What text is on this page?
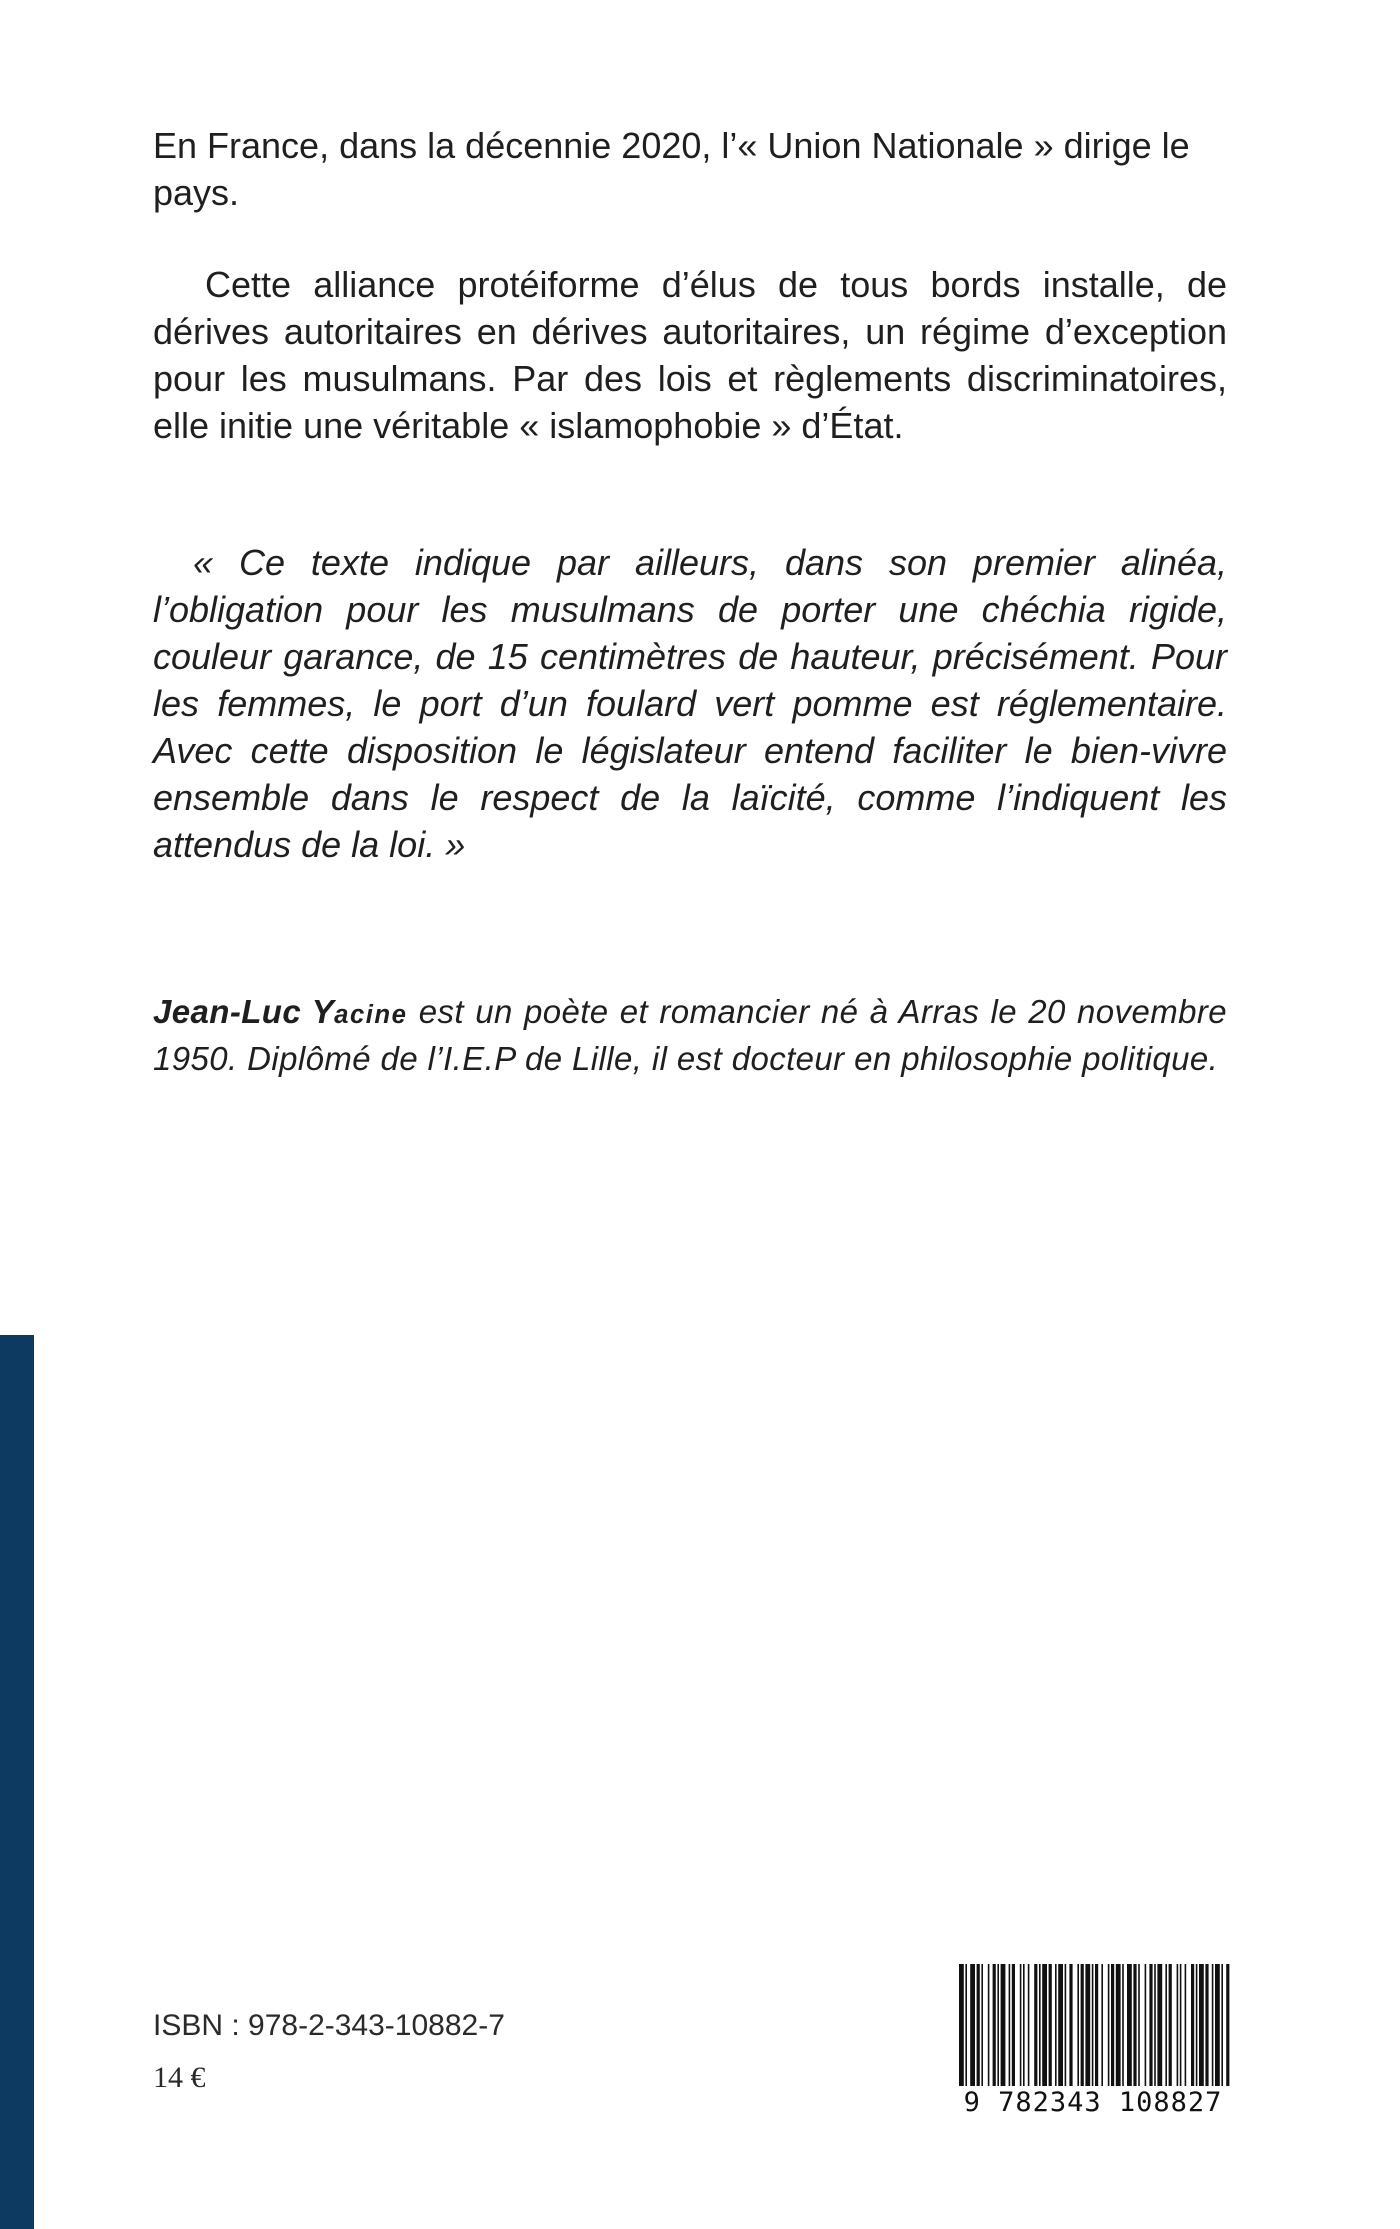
En France, dans la décennie 2020, l’« Union Nationale » dirige le pays.

Cette alliance protéiforme d’élus de tous bords installe, de dérives autoritaires en dérives autoritaires, un régime d’exception pour les musulmans. Par des lois et règlements discriminatoires, elle initie une véritable « islamophobie » d’État.

« Ce texte indique par ailleurs, dans son premier alinéa, l’obligation pour les musulmans de porter une chéchia rigide, couleur garance, de 15 centimètres de hauteur, précisément. Pour les femmes, le port d’un foulard vert pomme est réglementaire. Avec cette disposition le législateur entend faciliter le bien-vivre ensemble dans le respect de la laïcité, comme l’indiquent les attendus de la loi. »

Jean-Luc Yacine est un poète et romancier né à Arras le 20 novembre 1950. Diplômé de l’I.E.P de Lille, il est docteur en philosophie politique.

ISBN : 978-2-343-10882-7
14 €
9 782343 108827
